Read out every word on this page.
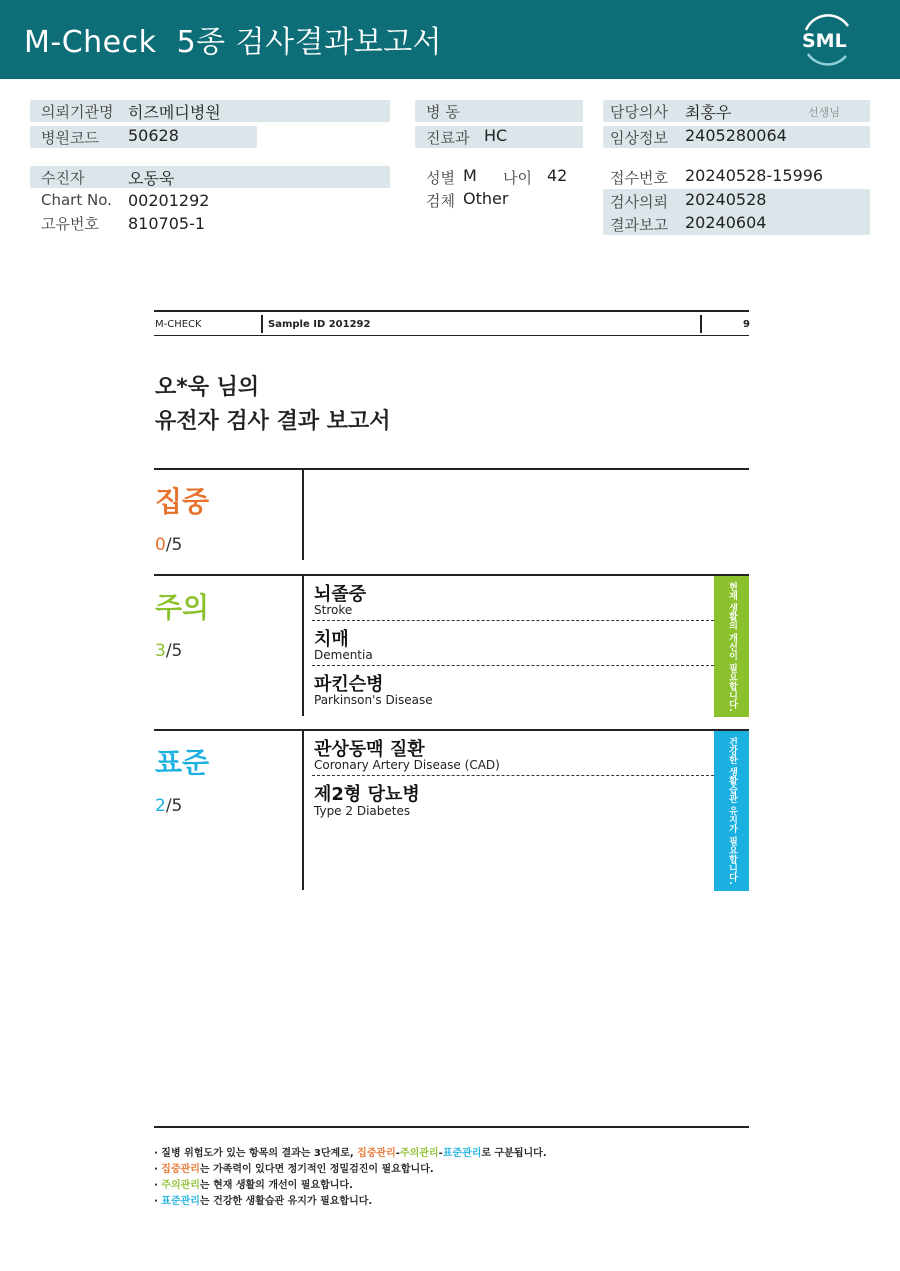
M-Check  5종 검사결과보고서	SML
의뢰기관명 히즈메디병원
병원코드 50628
수진자	오동욱
Chart No. 00201292
고유번호 810705-1
병 동
진료과 HC
성별 M 나이 42
검체 Other
담당의사 최홍우	선생님
임상정보 2405280064
접수번호 20240528-15996
검사의뢰 20240528
결과보고 20240604
M-CHECK	Sample ID 201292	9
오*욱 님의
유전자 검사 결과 보고서
집중
0/5
주의
3/5
뇌졸중
Stroke
치매
Dementia
파킨슨병
Parkinson's Disease	현재 생활의 개선이 필요합니다.
표준
2/5
관상동맥 질환
Coronary Artery Disease (CAD)
제2형 당뇨병
Type 2 Diabetes	건강한 생활습관 유지가 필요합니다.
· 질병 위험도가 있는 항목의 결과는 3단계로, 집중관리-주의관리-표준관리로 구분됩니다.
· 집중관리는 가족력이 있다면 정기적인 정밀검진이 필요합니다.
· 주의관리는 현재 생활의 개선이 필요합니다.
· 표준관리는 건강한 생활습관 유지가 필요합니다.
